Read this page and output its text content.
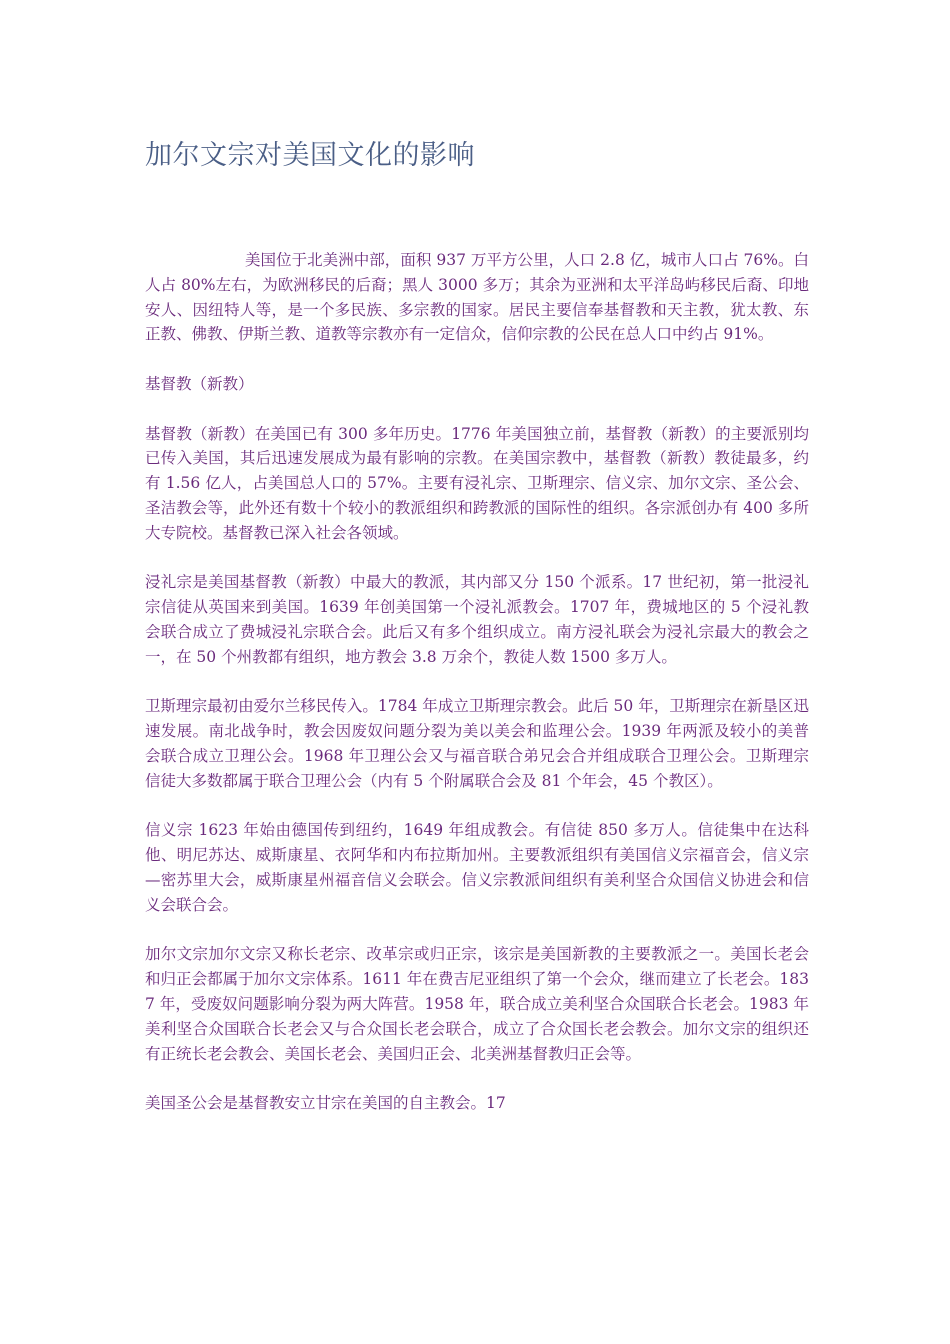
加尔文宗对美国文化的影响

美国位于北美洲中部，面积 937 万平方公里，人口 2.8 亿，城市人口占 76%。白人占 80%左右，为欧洲移民的后裔；黑人 3000 多万；其余为亚洲和太平洋岛屿移民后裔、印地安人、因纽特人等，是一个多民族、多宗教的国家。居民主要信奉基督教和天主教，犹太教、东正教、佛教、伊斯兰教、道教等宗教亦有一定信众，信仰宗教的公民在总人口中约占 91%。

基督教（新教）

基督教（新教）在美国已有 300 多年历史。1776 年美国独立前，基督教（新教）的主要派别均已传入美国，其后迅速发展成为最有影响的宗教。在美国宗教中，基督教（新教）教徒最多，约有 1.56 亿人，占美国总人口的 57%。主要有浸礼宗、卫斯理宗、信义宗、加尔文宗、圣公会、圣洁教会等，此外还有数十个较小的教派组织和跨教派的国际性的组织。各宗派创办有 400 多所大专院校。基督教已深入社会各领域。

浸礼宗是美国基督教（新教）中最大的教派，其内部又分 150 个派系。17 世纪初，第一批浸礼宗信徒从英国来到美国。1639 年创美国第一个浸礼派教会。1707 年，费城地区的 5 个浸礼教会联合成立了费城浸礼宗联合会。此后又有多个组织成立。南方浸礼联会为浸礼宗最大的教会之一，在 50 个州教都有组织，地方教会 3.8 万余个，教徒人数 1500 多万人。

卫斯理宗最初由爱尔兰移民传入。1784 年成立卫斯理宗教会。此后 50 年，卫斯理宗在新垦区迅速发展。南北战争时，教会因废奴问题分裂为美以美会和监理公会。1939 年两派及较小的美普会联合成立卫理公会。1968 年卫理公会又与福音联合弟兄会合并组成联合卫理公会。卫斯理宗信徒大多数都属于联合卫理公会（内有 5 个附属联合会及 81 个年会，45 个教区）。

信义宗 1623 年始由德国传到纽约，1649 年组成教会。有信徒 850 多万人。信徒集中在达科他、明尼苏达、威斯康星、衣阿华和内布拉斯加州。主要教派组织有美国信义宗福音会，信义宗—密苏里大会，威斯康星州福音信义会联会。信义宗教派间组织有美利坚合众国信义协进会和信义会联合会。

加尔文宗加尔文宗又称长老宗、改革宗或归正宗，该宗是美国新教的主要教派之一。美国长老会和归正会都属于加尔文宗体系。1611 年在费吉尼亚组织了第一个会众，继而建立了长老会。1837 年，受废奴问题影响分裂为两大阵营。1958 年，联合成立美利坚合众国联合长老会。1983 年美利坚合众国联合长老会又与合众国长老会联合，成立了合众国长老会教会。加尔文宗的组织还有正统长老会教会、美国长老会、美国归正会、北美洲基督教归正会等。

美国圣公会是基督教安立甘宗在美国的自主教会。17
